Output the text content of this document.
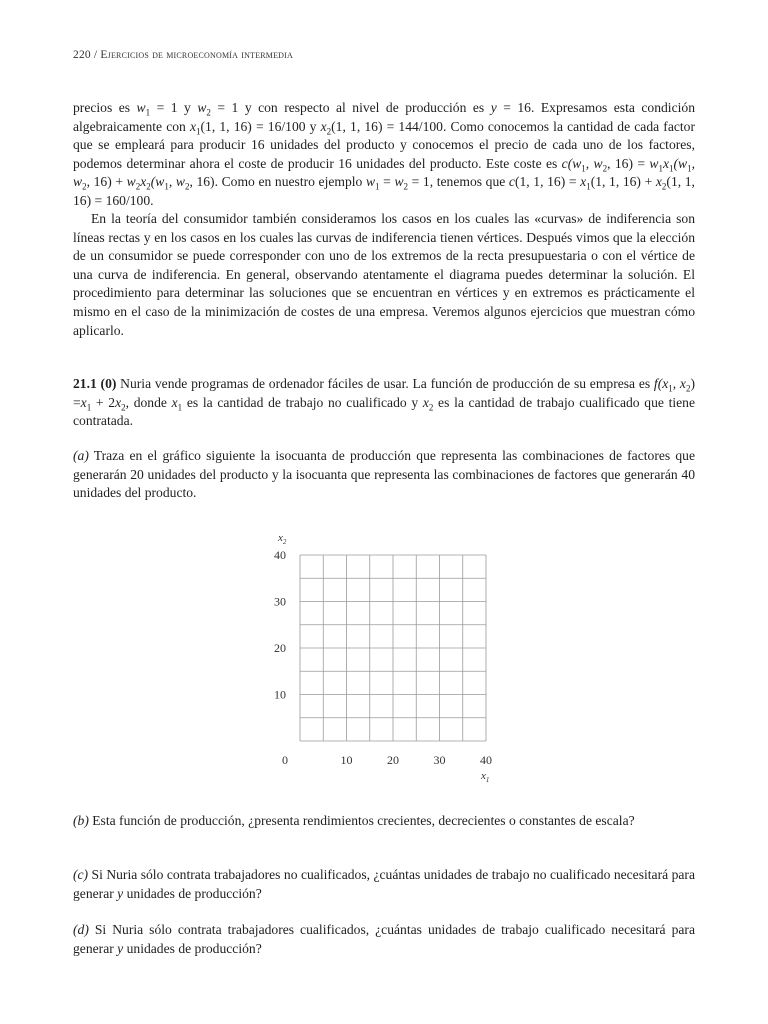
220 / Ejercicios de microeconomía intermedia

precios es $w_1 = 1$ y $w_2 = 1$ y con respecto al nivel de producción es y = 16. Expresamos esta condición algebraicamente con $x_1(1$, 1, 16) = 16/100 y $x_2(1$, 1, 16) = 144/100. Como conocemos la cantidad de cada factor que se empleará para producir 16 unidades del producto y conocemos el precio de cada uno de los factores, podemos determinar ahora el coste de producir 16 unidades del producto. Este coste es $c(w_1$, $w_2$, $16) = w_1x_1(w_1$, $w_2$, $16) + w_2x_2(w_1$, $w_2$, 16). Como en nuestro ejemplo $w_1 = w_2 = 1$, tenemos que c(1, 1, $16) = x_1(1$, 1, $16) + x_2(1$, 1, 16) = 160/100.

En la teoría del consumidor también consideramos los casos en los cuales las «curvas» de indiferencia son líneas rectas y en los casos en los cuales las curvas de indiferencia tienen vértices. Después vimos que la elección de un consumidor se puede corresponder con uno de los extremos de la recta presupuestaria o con el vértice de una curva de indiferencia. En general, observando atentamente el diagrama puedes determinar la solución. El procedimiento para determinar las soluciones que se encuentran en vértices y en extremos es prácticamente el mismo en el caso de la minimización de costes de una empresa. Veremos algunos ejercicios que muestran cómo aplicarlo.

21.1 (0) Nuria vende programas de ordenador fáciles de usar. La función de producción de su empresa es $f(x_1$, $x_2) =x_1 + 2x_2$, donde $x_1$ es la cantidad de trabajo no cualificado y $x_2$ es la cantidad de trabajo cualificado que tiene contratada.

(a) Traza en el gráfico siguiente la isocuanta de producción que representa las combinaciones de factores que generarán 20 unidades del producto y la isocuanta que representa las combinaciones de factores que generarán 40 unidades del producto.

10
20
30
40
0	10	20	30	40
$x_2$
$x_1$

(b) Esta función de producción, ¿presenta rendimientos crecientes, decrecientes o constantes de escala?

(c) Si Nuria sólo contrata trabajadores no cualificados, ¿cuántas unidades de trabajo no cualificado necesitará para generar y unidades de producción?

(d) Si Nuria sólo contrata trabajadores cualificados, ¿cuántas unidades de trabajo cualificado necesitará para generar y unidades de producción?
